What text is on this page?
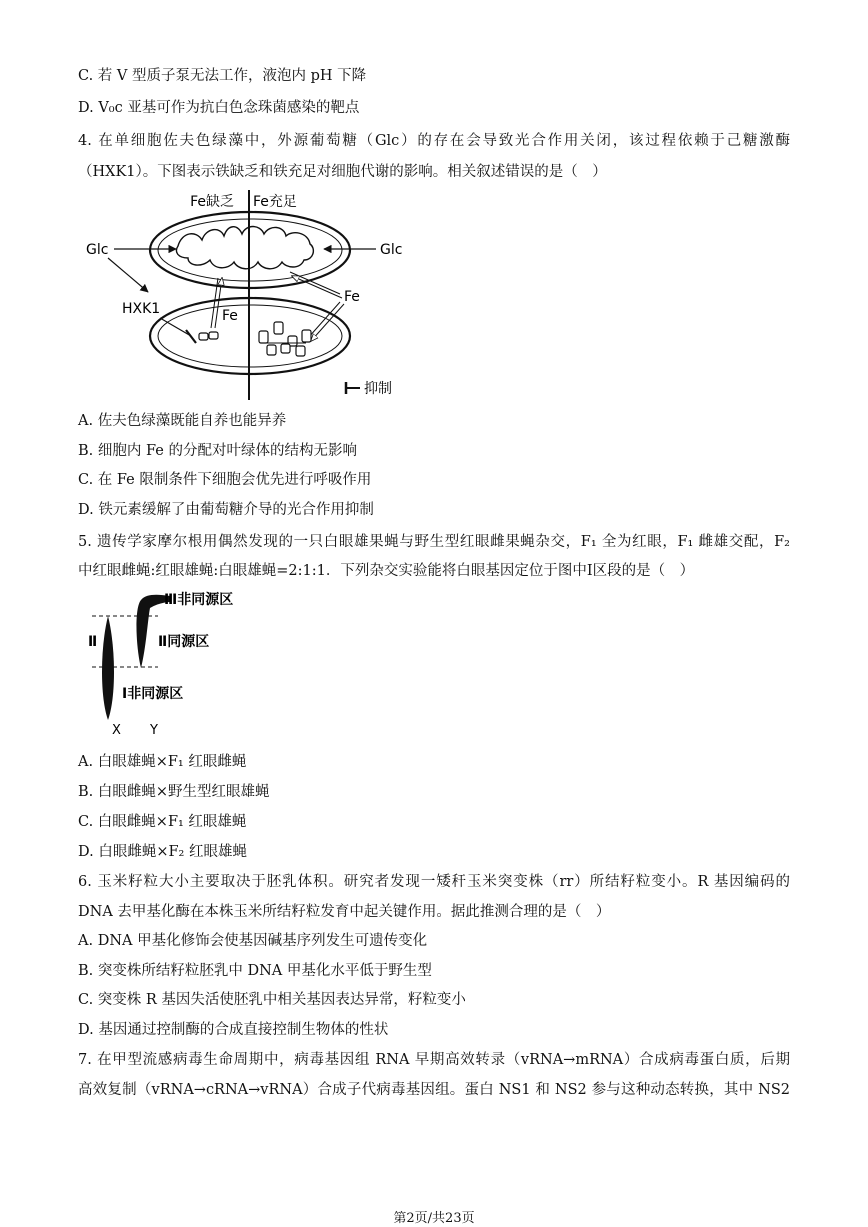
C. 若 V 型质子泵无法工作，液泡内 pH 下降
D. V₀c 亚基可作为抗白色念珠菌感染的靶点
4. 在单细胞佐夫色绿藻中，外源葡萄糖（Glc）的存在会导致光合作用关闭，该过程依赖于己糖激酶
（HXK1）。下图表示铁缺乏和铁充足对细胞代谢的影响。相关叙述错误的是（　）
Fe缺乏 Fe充足
Glc	Glc
HXK1	Fe
Fe
抑制
A. 佐夫色绿藻既能自养也能异养
B. 细胞内 Fe 的分配对叶绿体的结构无影响
C. 在 Fe 限制条件下细胞会优先进行呼吸作用
D. 铁元素缓解了由葡萄糖介导的光合作用抑制
5. 遗传学家摩尔根用偶然发现的一只白眼雄果蝇与野生型红眼雌果蝇杂交，F₁ 全为红眼，F₁ 雌雄交配，F₂
中红眼雌蝇:红眼雄蝇:白眼雄蝇=2:1:1．下列杂交实验能将白眼基因定位于图中Ⅰ区段的是（　）
Ⅲ非同源区
Ⅱ	Ⅱ同源区
Ⅰ非同源区
X Y
A. 白眼雄蝇×F₁ 红眼雌蝇
B. 白眼雌蝇×野生型红眼雄蝇
C. 白眼雌蝇×F₁ 红眼雄蝇
D. 白眼雌蝇×F₂ 红眼雄蝇
6. 玉米籽粒大小主要取决于胚乳体积。研究者发现一矮秆玉米突变株（rr）所结籽粒变小。R 基因编码的
DNA 去甲基化酶在本株玉米所结籽粒发育中起关键作用。据此推测合理的是（　）
A. DNA 甲基化修饰会使基因碱基序列发生可遗传变化
B. 突变株所结籽粒胚乳中 DNA 甲基化水平低于野生型
C. 突变株 R 基因失活使胚乳中相关基因表达异常，籽粒变小
D. 基因通过控制酶的合成直接控制生物体的性状
7. 在甲型流感病毒生命周期中，病毒基因组 RNA 早期高效转录（vRNA→mRNA）合成病毒蛋白质，后期
高效复制（vRNA→cRNA→vRNA）合成子代病毒基因组。蛋白 NS1 和 NS2 参与这种动态转换，其中 NS2
第2页/共23页
